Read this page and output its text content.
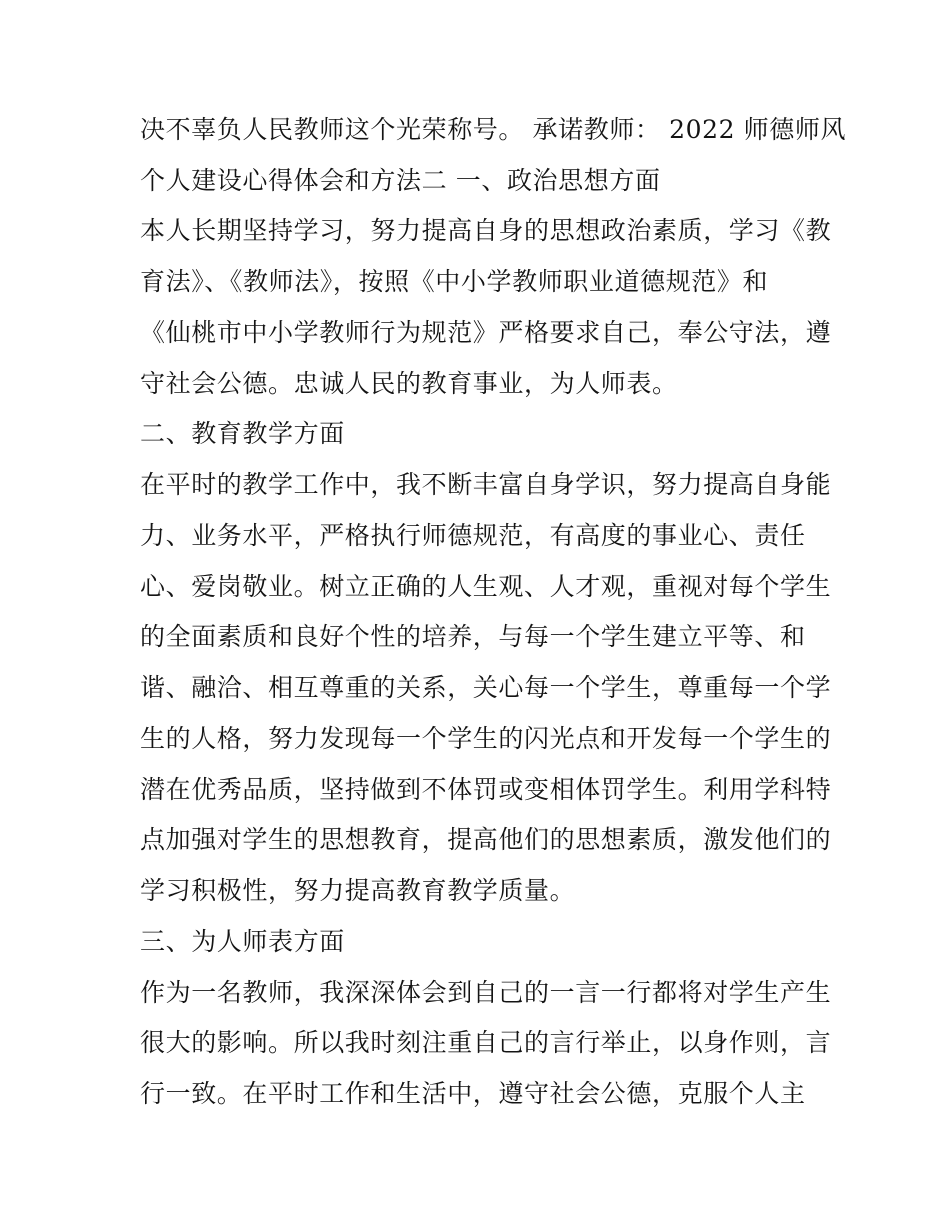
决不辜负人民教师这个光荣称号。 承诺教师： 2022 师德师风
个人建设心得体会和方法二 一、政治思想方面
本人长期坚持学习，努力提高自身的思想政治素质，学习《教
育法》、《教师法》，按照《中小学教师职业道德规范》和
《仙桃市中小学教师行为规范》严格要求自己，奉公守法，遵
守社会公德。忠诚人民的教育事业，为人师表。
二、教育教学方面
在平时的教学工作中，我不断丰富自身学识，努力提高自身能
力、业务水平，严格执行师德规范，有高度的事业心、责任
心、爱岗敬业。树立正确的人生观、人才观，重视对每个学生
的全面素质和良好个性的培养，与每一个学生建立平等、和
谐、融洽、相互尊重的关系，关心每一个学生，尊重每一个学
生的人格，努力发现每一个学生的闪光点和开发每一个学生的
潜在优秀品质，坚持做到不体罚或变相体罚学生。利用学科特
点加强对学生的思想教育，提高他们的思想素质，激发他们的
学习积极性，努力提高教育教学质量。
三、为人师表方面
作为一名教师，我深深体会到自己的一言一行都将对学生产生
很大的影响。所以我时刻注重自己的言行举止，以身作则，言
行一致。在平时工作和生活中，遵守社会公德，克服个人主
